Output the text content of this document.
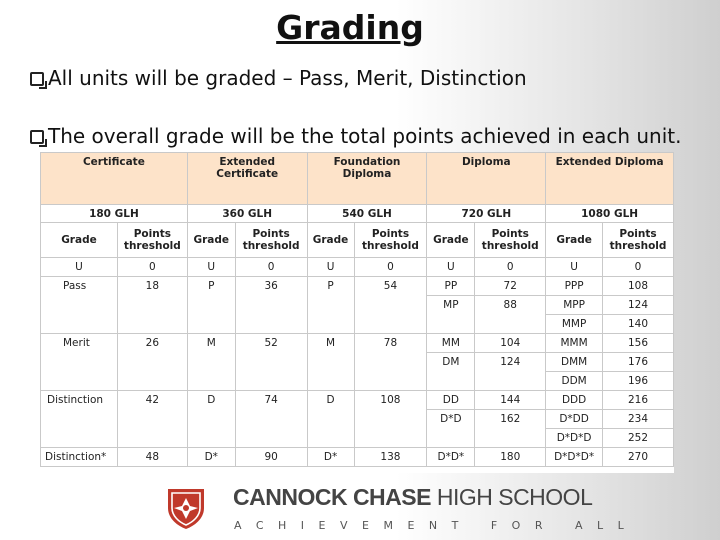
Grading
All units will be graded – Pass, Merit, Distinction
The overall grade will be the total points achieved in each unit.
Certificate		Extended Certificate		Foundation Diploma		Diploma		Extended Diploma	
180 GLH		360 GLH		540 GLH		720 GLH		1080 GLH	
Grade	Points threshold	Grade	Points threshold	Grade	Points threshold	Grade	Points threshold	Grade	Points threshold
U	0	U	0	U	0	U	0	U	0
Pass	18	P	36	P	54	PP	72	PPP	108
						MP	88	MPP	124
								MMP	140
Merit	26	M	52	M	78	MM	104	MMM	156
						DM	124	DMM	176
								DDM	196
Distinction	42	D	74	D	108	DD	144	DDD	216
						D*D	162	D*DD	234
								D*D*D	252
Distinction*	48	D*	90	D*	138	D*D*	180	D*D*D*	270
CANNOCK CHASE HIGH SCHOOL
ACHIEVEMENT FOR ALL
